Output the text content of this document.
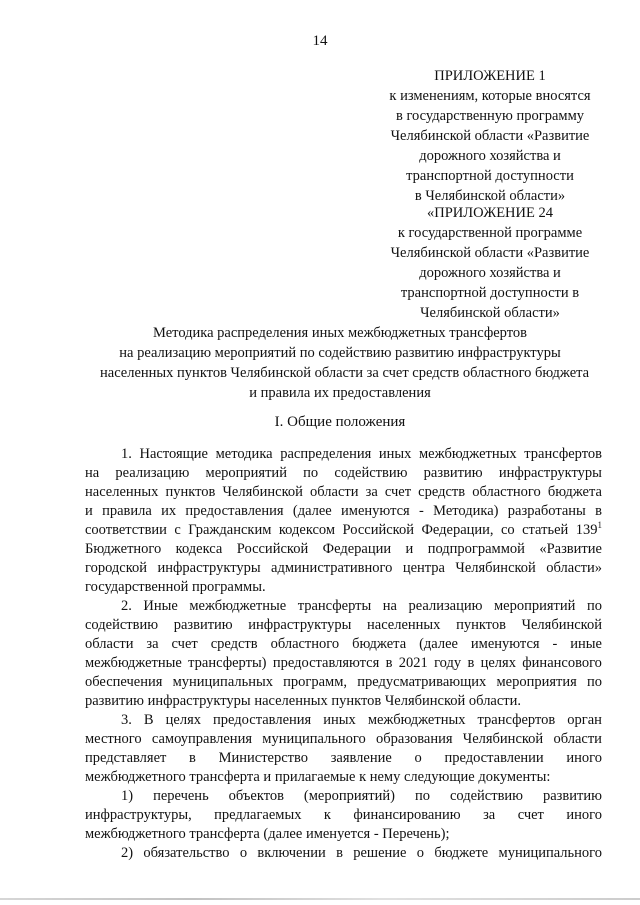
14
ПРИЛОЖЕНИЕ 1
к изменениям, которые вносятся
в государственную программу
Челябинской области «Развитие
дорожного хозяйства и
транспортной доступности
в Челябинской области»
«ПРИЛОЖЕНИЕ 24
к государственной программе
Челябинской области «Развитие
дорожного хозяйства и
транспортной доступности в
Челябинской области»
Методика распределения иных межбюджетных трансфертов
на реализацию мероприятий по содействию развитию инфраструктуры
населенных пунктов Челябинской области за счет средств областного бюджета
и правила их предоставления
I. Общие положения
1. Настоящие методика распределения иных межбюджетных трансфертов
на реализацию мероприятий по содействию развитию инфраструктуры
населенных пунктов Челябинской области за счет средств областного бюджета
и правила их предоставления (далее именуются - Методика) разработаны в
соответствии с Гражданским кодексом Российской Федерации, со статьей $139^1$
Бюджетного кодекса Российской Федерации и подпрограммой «Развитие
городской инфраструктуры административного центра Челябинской области»
государственной программы.
2. Иные межбюджетные трансферты на реализацию мероприятий по
содействию развитию инфраструктуры населенных пунктов Челябинской
области за счет средств областного бюджета (далее именуются - иные
межбюджетные трансферты) предоставляются в 2021 году в целях финансового
обеспечения муниципальных программ, предусматривающих мероприятия по
развитию инфраструктуры населенных пунктов Челябинской области.
3. В целях предоставления иных межбюджетных трансфертов орган
местного самоуправления муниципального образования Челябинской области
представляет в Министерство заявление о предоставлении иного
межбюджетного трансферта и прилагаемые к нему следующие документы:
1) перечень объектов (мероприятий) по содействию развитию
инфраструктуры, предлагаемых к финансированию за счет иного
межбюджетного трансферта (далее именуется - Перечень);
2) обязательство о включении в решение о бюджете муниципального
